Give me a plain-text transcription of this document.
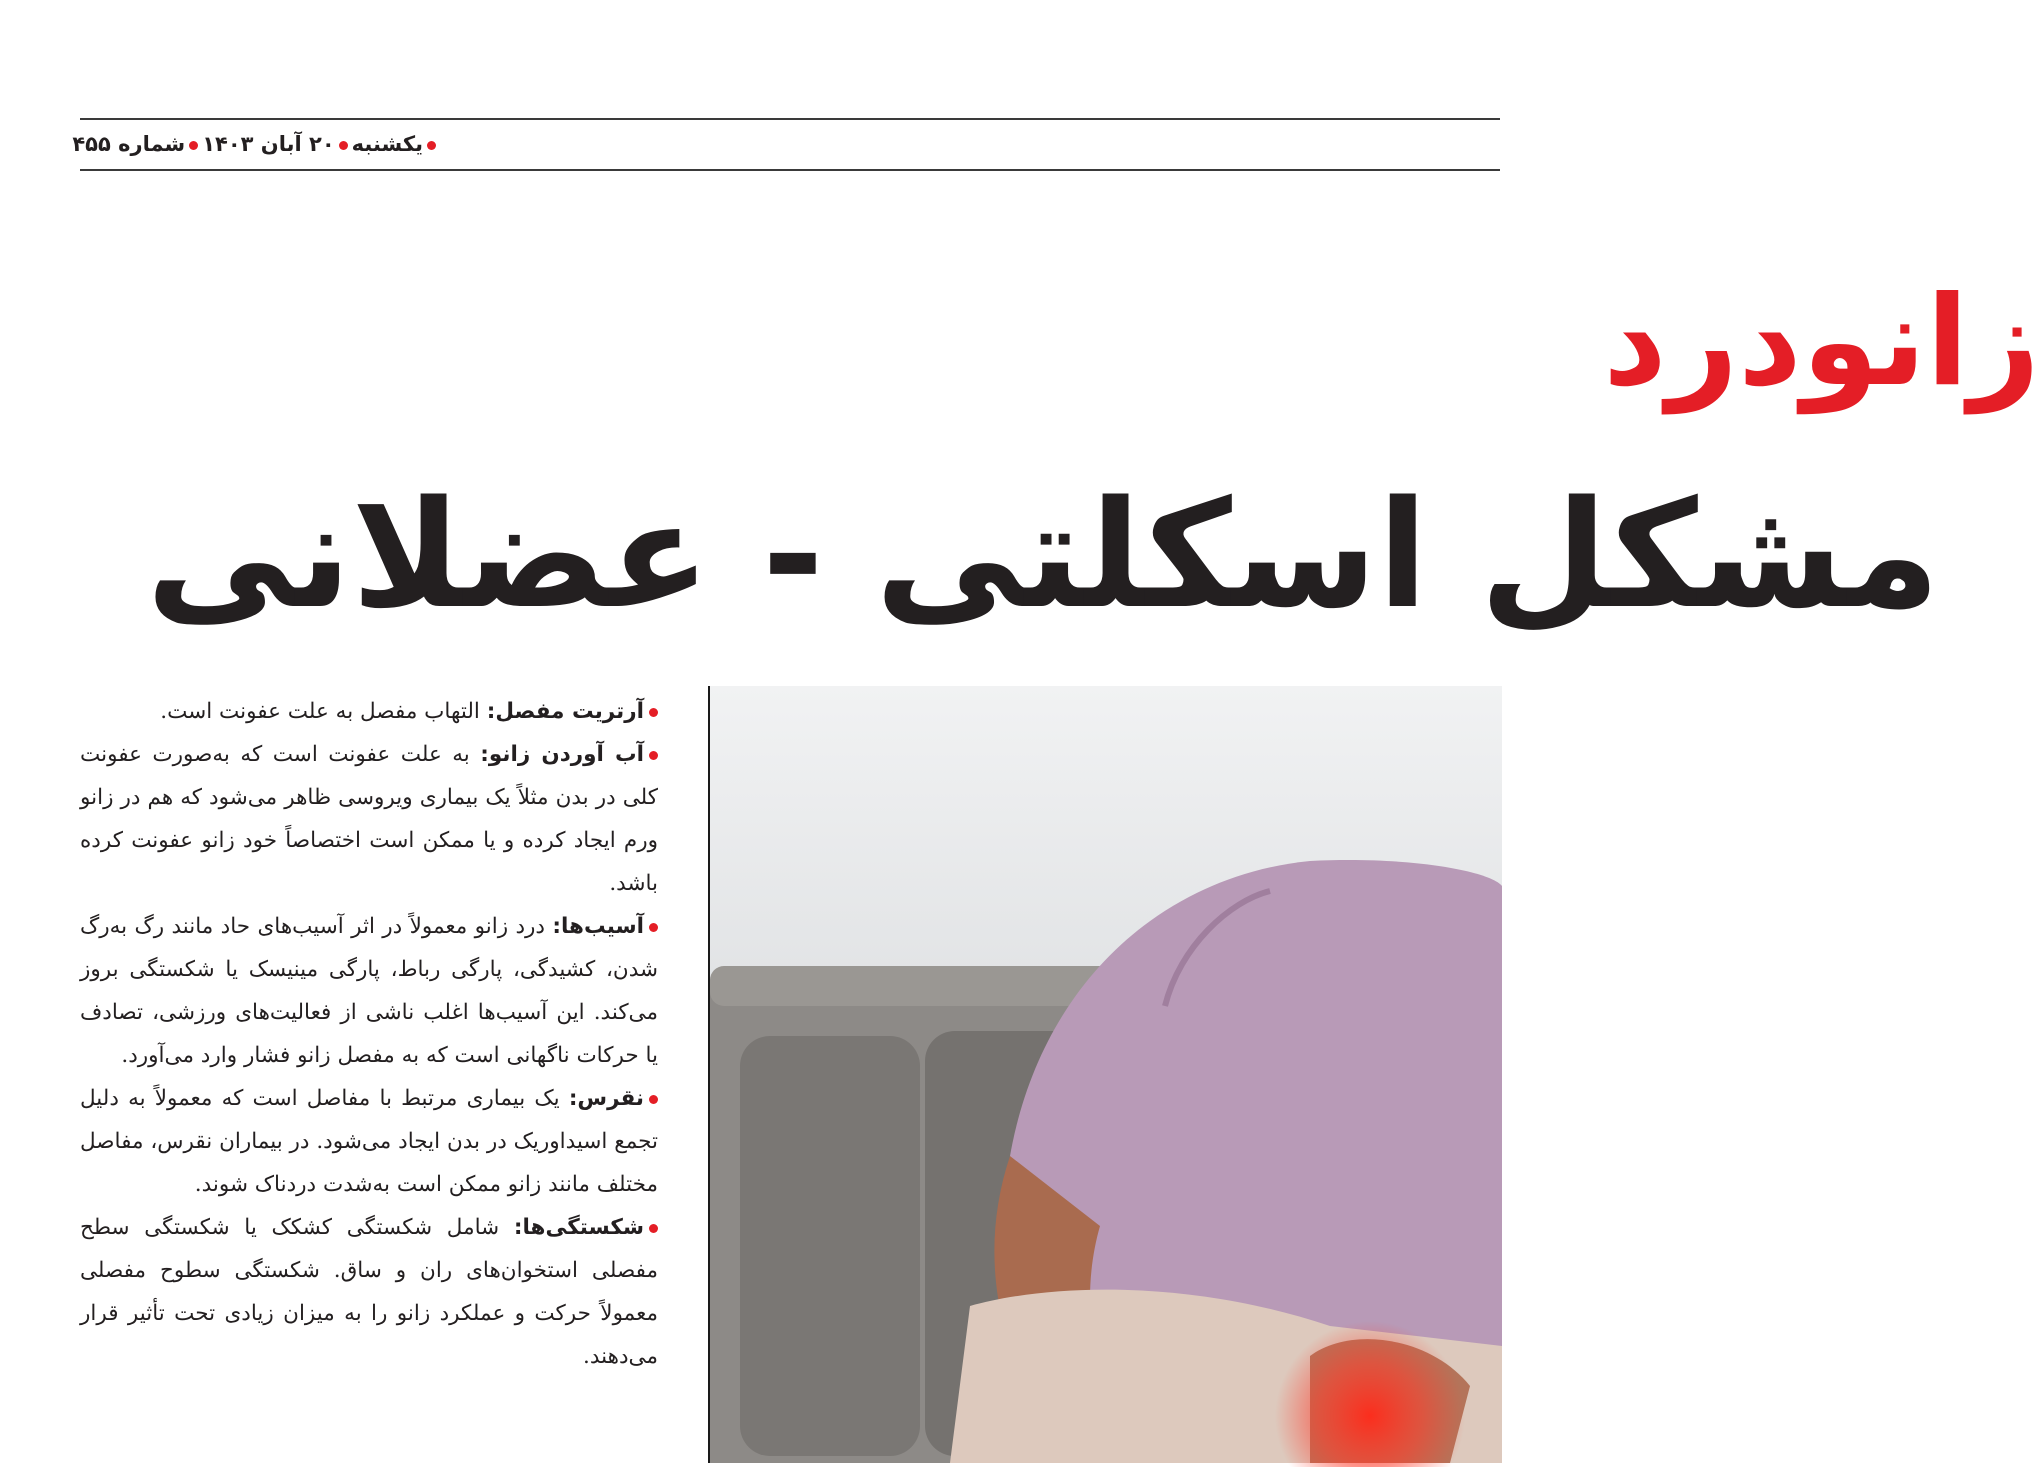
یکشنبه۲۰ آبان ۱۴۰۳شماره ۴۵۵
زانودرد
مشکل اسکلتی - عضلانی

آرتریت مفصل: التهاب مفصل به علت عفونت است.

آب آوردن زانو: به علت عفونت است که به‌صورت عفونت کلی در بدن مثلاً یک بیماری ویروسی ظاهر می‌شود که هم در زانو ورم ایجاد کرده و یا ممکن است اختصاصاً خود زانو عفونت کرده باشد.

آسیب‌ها: درد زانو معمولاً در اثر آسیب‌های حاد مانند رگ به‌رگ شدن، کشیدگی، پارگی رباط، پارگی مینیسک یا شکستگی بروز می‌کند. این آسیب‌ها اغلب ناشی از فعالیت‌های ورزشی، تصادف یا حرکات ناگهانی است که به مفصل زانو فشار وارد می‌آورد.

نقرس: یک بیماری مرتبط با مفاصل است که معمولاً به دلیل تجمع اسیداوریک در بدن ایجاد می‌شود. در بیماران نقرس، مفاصل مختلف مانند زانو ممکن است به‌شدت دردناک شوند.

شکستگی‌ها: شامل شکستگی کشکک یا شکستگی سطح مفصلی استخوان‌های ران و ساق. شکستگی سطوح مفصلی معمولاً حرکت و عملکرد زانو را به میزان زیادی تحت تأثیر قرار می‌دهند.
